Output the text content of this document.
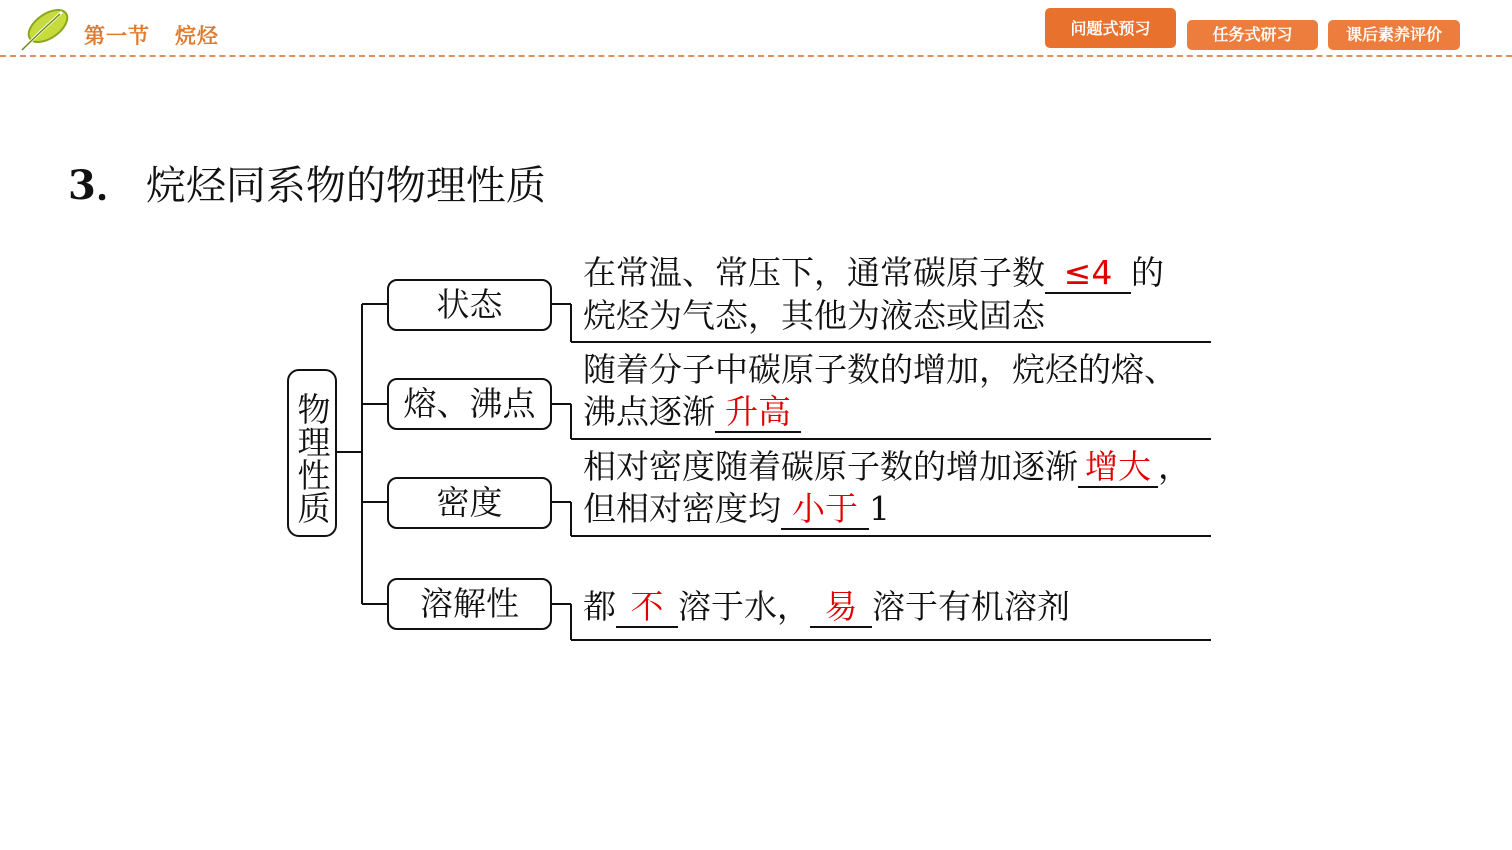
第一节 烷烃	问题式预习	任务式研习	课后素养评价
3． 烷烃同系物的物理性质
物理性质
状态
熔、沸点
密度
溶解性
在常温、常压下，通常碳原子数 ≤4 的
烷烃为气态，其他为液态或固态
随着分子中碳原子数的增加，烷烃的熔、
沸点逐渐 升高
相对密度随着碳原子数的增加逐渐 增大 ，
但相对密度均 小于 1
都 不 溶于水， 易 溶于有机溶剂
